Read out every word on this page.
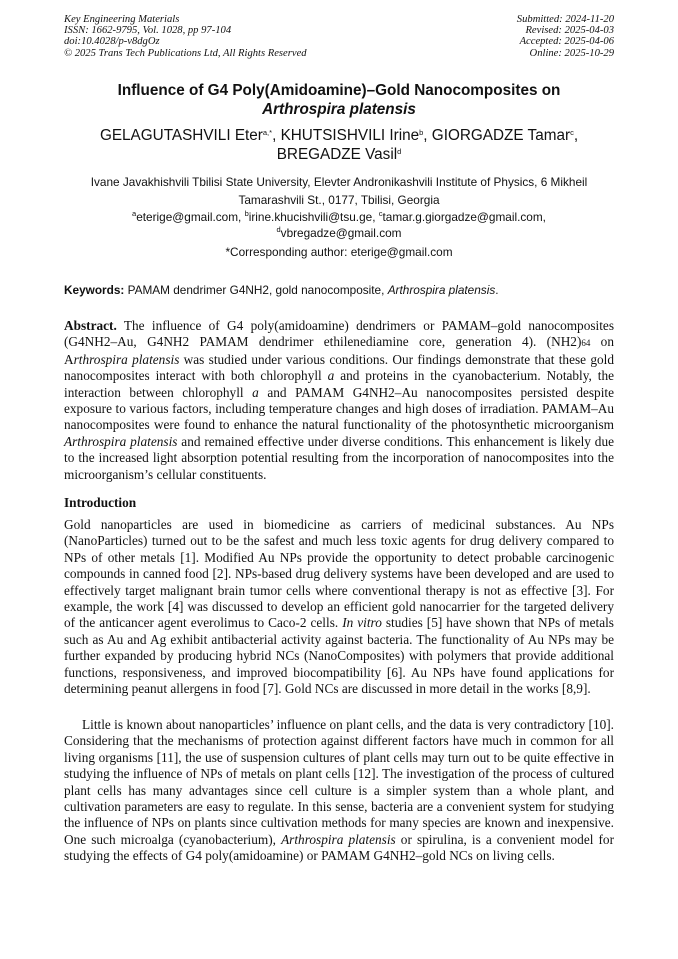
Key Engineering Materials
ISSN: 1662-9795, Vol. 1028, pp 97-104
doi:10.4028/p-v8dgOz
© 2025 Trans Tech Publications Ltd, All Rights Reserved
Submitted: 2024-11-20
Revised: 2025-04-03
Accepted: 2025-04-06
Online: 2025-10-29
Influence of G4 Poly(Amidoamine)–Gold Nanocomposites on
Arthrospira platensis
GELAGUTASHVILI Eter$^{a,*}$, KHUTSISHVILI Irine$^b$, GIORGADZE Tamar$^c$,
BREGADZE Vasil$^d$
Ivane Javakhishvili Tbilisi State University, Elevter Andronikashvili Institute of Physics, 6 Mikheil
Tamarashvili St., 0177, Tbilisi, Georgia
$^a$eterige@gmail.com, $^b$irine.khucishvili@tsu.ge, $^c$tamar.g.giorgadze@gmail.com,
$^d$vbregadze@gmail.com
*Corresponding author: eterige@gmail.com
Keywords: PAMAM dendrimer G4NH2, gold nanocomposite, Arthrospira platensis.
Abstract. The influence of G4 poly(amidoamine) dendrimers or PAMAM–gold nanocomposites (G4NH2–Au, G4NH2 PAMAM dendrimer ethilenediamine core, generation 4). (NH2)64 on Arthrospira platensis was studied under various conditions. Our findings demonstrate that these gold nanocomposites interact with both chlorophyll a and proteins in the cyanobacterium. Notably, the interaction between chlorophyll a and PAMAM G4NH2–Au nanocomposites persisted despite exposure to various factors, including temperature changes and high doses of irradiation. PAMAM–Au nanocomposites were found to enhance the natural functionality of the photosynthetic microorganism Arthrospira platensis and remained effective under diverse conditions. This enhancement is likely due to the increased light absorption potential resulting from the incorporation of nanocomposites into the microorganism’s cellular constituents.
Introduction
Gold nanoparticles are used in biomedicine as carriers of medicinal substances. Au NPs (NanoParticles) turned out to be the safest and much less toxic agents for drug delivery compared to NPs of other metals [1]. Modified Au NPs provide the opportunity to detect probable carcinogenic compounds in canned food [2]. NPs-based drug delivery systems have been developed and are used to effectively target malignant brain tumor cells where conventional therapy is not as effective [3]. For example, the work [4] was discussed to develop an efficient gold nanocarrier for the targeted delivery of the anticancer agent everolimus to Caco-2 cells. In vitro studies [5] have shown that NPs of metals such as Au and Ag exhibit antibacterial activity against bacteria. The functionality of Au NPs may be further expanded by producing hybrid NCs (NanoComposites) with polymers that provide additional functions, responsiveness, and improved biocompatibility [6]. Au NPs have found applications for determining peanut allergens in food [7]. Gold NCs are discussed in more detail in the works [8,9].
Little is known about nanoparticles’ influence on plant cells, and the data is very contradictory [10]. Considering that the mechanisms of protection against different factors have much in common for all living organisms [11], the use of suspension cultures of plant cells may turn out to be quite effective in studying the influence of NPs of metals on plant cells [12]. The investigation of the process of cultured plant cells has many advantages since cell culture is a simpler system than a whole plant, and cultivation parameters are easy to regulate. In this sense, bacteria are a convenient system for studying the influence of NPs on plants since cultivation methods for many species are known and inexpensive. One such microalga (cyanobacterium), Arthrospira platensis or spirulina, is a convenient model for studying the effects of G4 poly(amidoamine) or PAMAM G4NH2–gold NCs on living cells.
